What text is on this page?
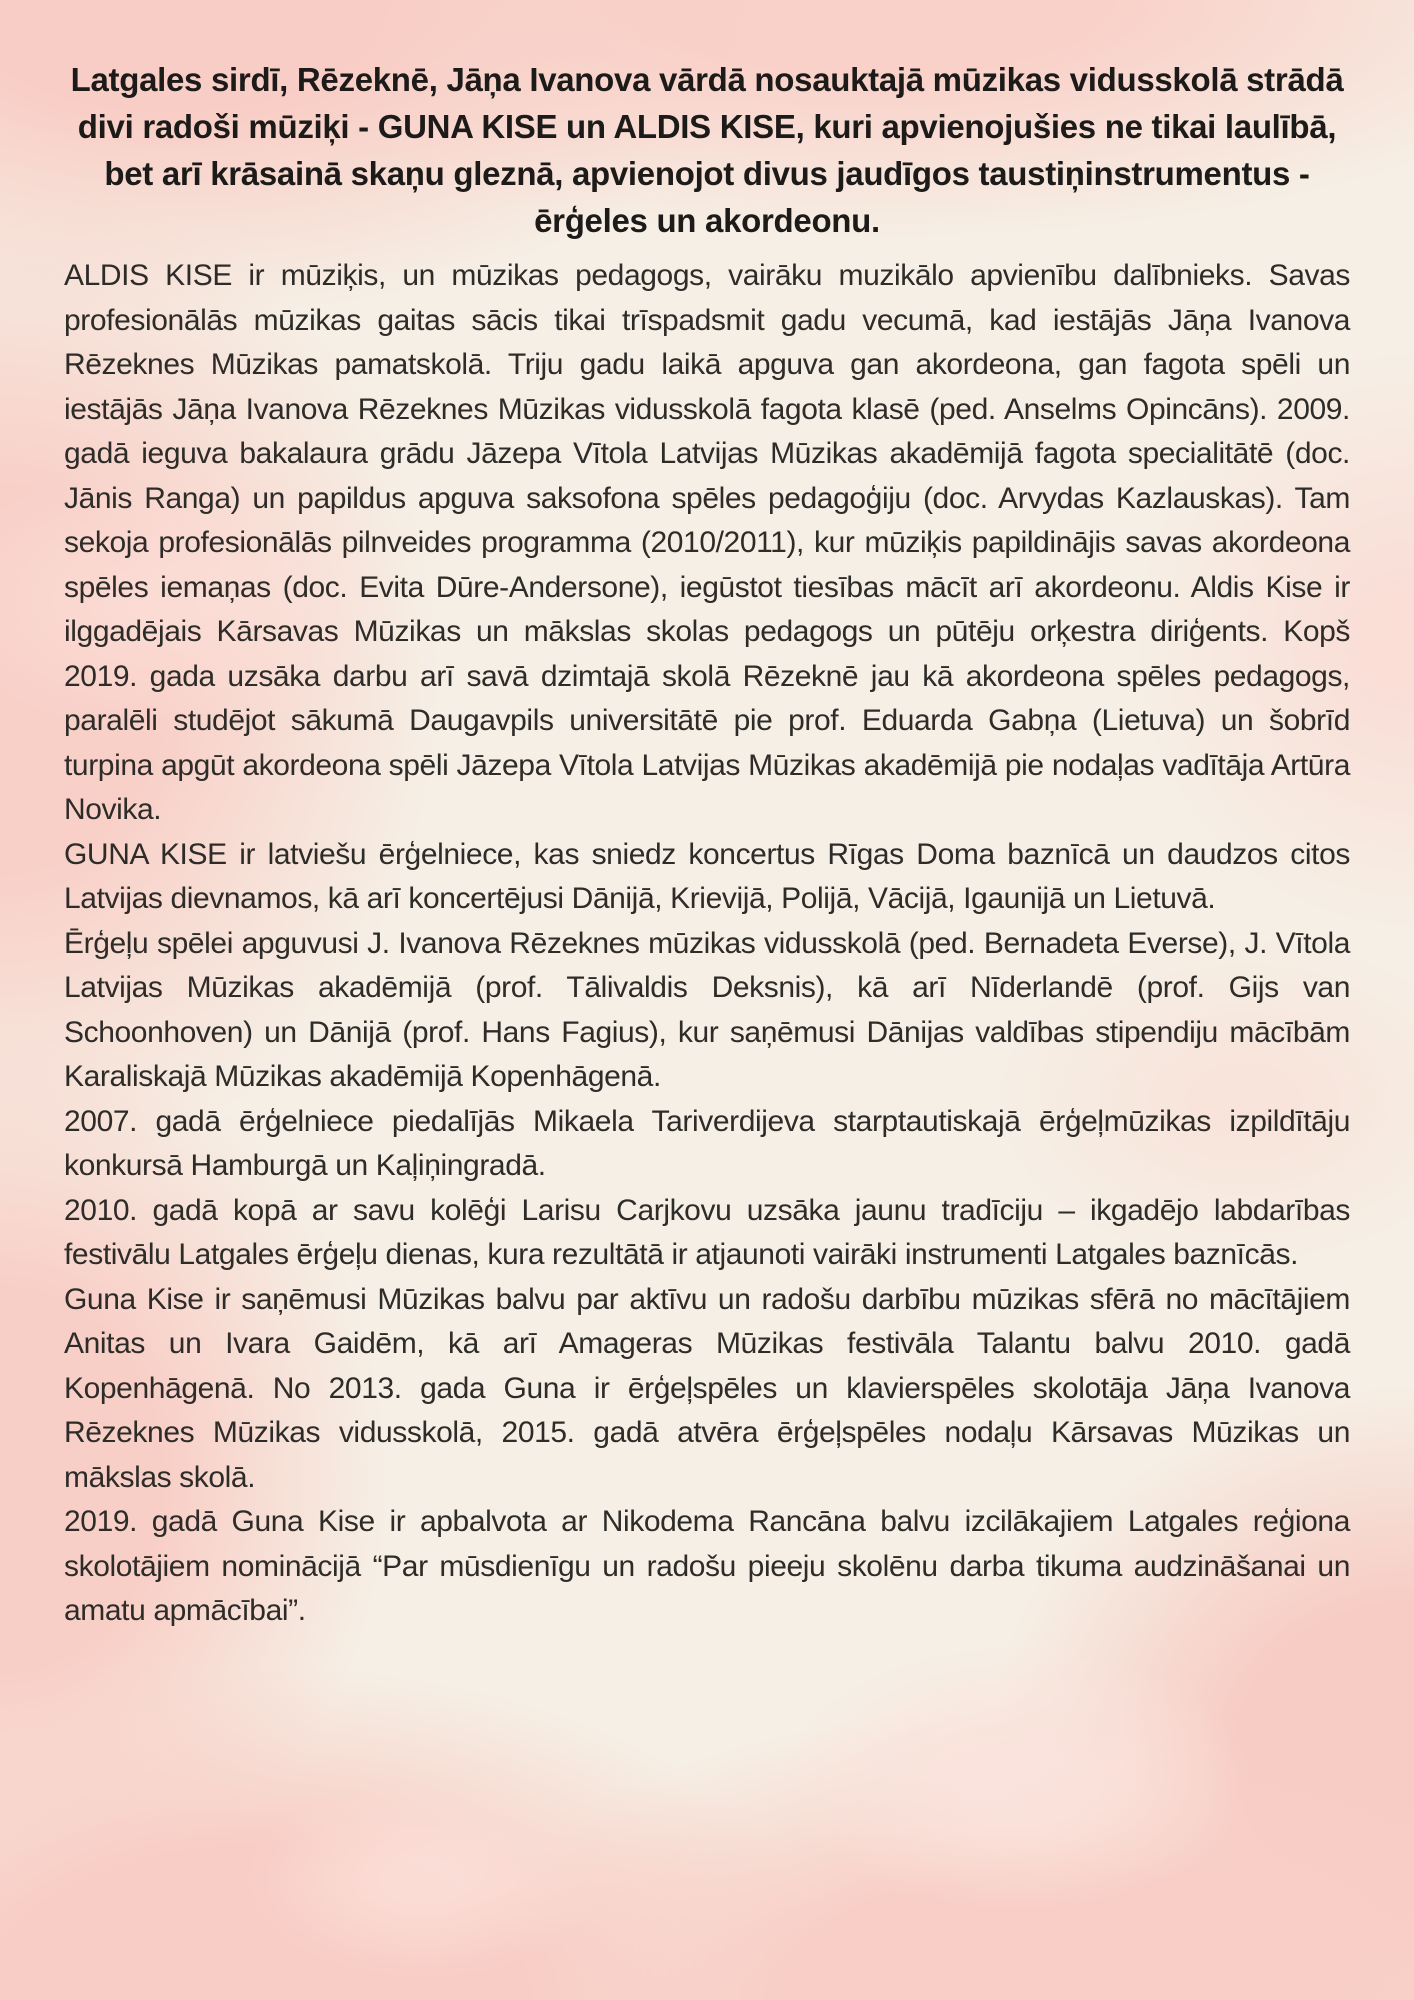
Latgales sirdī, Rēzeknē, Jāņa Ivanova vārdā nosauktajā mūzikas vidusskolā strādā divi radoši mūziķi - GUNA KISE un ALDIS KISE, kuri apvienojušies ne tikai laulībā, bet arī krāsainā skaņu gleznā, apvienojot divus jaudīgos taustiņinstrumentus - ērģeles un akordeonu.

ALDIS KISE ir mūziķis, un mūzikas pedagogs, vairāku muzikālo apvienību dalībnieks. Savas profesionālās mūzikas gaitas sācis tikai trīspadsmit gadu vecumā, kad iestājās Jāņa Ivanova Rēzeknes Mūzikas pamatskolā. Triju gadu laikā apguva gan akordeona, gan fagota spēli un iestājās Jāņa Ivanova Rēzeknes Mūzikas vidusskolā fagota klasē (ped. Anselms Opincāns). 2009. gadā ieguva bakalaura grādu Jāzepa Vītola Latvijas Mūzikas akadēmijā fagota specialitātē (doc. Jānis Ranga) un papildus apguva saksofona spēles pedagoģiju (doc. Arvydas Kazlauskas). Tam sekoja profesionālās pilnveides programma (2010/2011), kur mūziķis papildinājis savas akordeona spēles iemaņas (doc. Evita Dūre-Andersone), iegūstot tiesības mācīt arī akordeonu. Aldis Kise ir ilggadējais Kārsavas Mūzikas un mākslas skolas pedagogs un pūtēju orķestra diriģents. Kopš 2019. gada uzsāka darbu arī savā dzimtajā skolā Rēzeknē jau kā akordeona spēles pedagogs, paralēli studējot sākumā Daugavpils universitātē pie prof. Eduarda Gabņa (Lietuva) un šobrīd turpina apgūt akordeona spēli Jāzepa Vītola Latvijas Mūzikas akadēmijā pie nodaļas vadītāja Artūra Novika.

GUNA KISE ir latviešu ērģelniece, kas sniedz koncertus Rīgas Doma baznīcā un daudzos citos Latvijas dievnamos, kā arī koncertējusi Dānijā, Krievijā, Polijā, Vācijā, Igaunijā un Lietuvā.

Ērģeļu spēlei apguvusi J. Ivanova Rēzeknes mūzikas vidusskolā (ped. Bernadeta Everse), J. Vītola Latvijas Mūzikas akadēmijā (prof. Tālivaldis Deksnis), kā arī Nīderlandē (prof. Gijs van Schoonhoven) un Dānijā (prof. Hans Fagius), kur saņēmusi Dānijas valdības stipendiju mācībām Karaliskajā Mūzikas akadēmijā Kopenhāgenā.

2007. gadā ērģelniece piedalījās Mikaela Tariverdijeva starptautiskajā ērģeļmūzikas izpildītāju konkursā Hamburgā un Kaļiņingradā.

2010. gadā kopā ar savu kolēģi Larisu Carjkovu uzsāka jaunu tradīciju – ikgadējo labdarības festivālu Latgales ērģeļu dienas, kura rezultātā ir atjaunoti vairāki instrumenti Latgales baznīcās.

Guna Kise ir saņēmusi Mūzikas balvu par aktīvu un radošu darbību mūzikas sfērā no mācītājiem Anitas un Ivara Gaidēm, kā arī Amageras Mūzikas festivāla Talantu balvu 2010. gadā Kopenhāgenā. No 2013. gada Guna ir ērģeļspēles un klavierspēles skolotāja Jāņa Ivanova Rēzeknes Mūzikas vidusskolā, 2015. gadā atvēra ērģeļspēles nodaļu Kārsavas Mūzikas un mākslas skolā.

2019. gadā Guna Kise ir apbalvota ar Nikodema Rancāna balvu izcilākajiem Latgales reģiona skolotājiem nominācijā “Par mūsdienīgu un radošu pieeju skolēnu darba tikuma audzināšanai un amatu apmācībai”.
